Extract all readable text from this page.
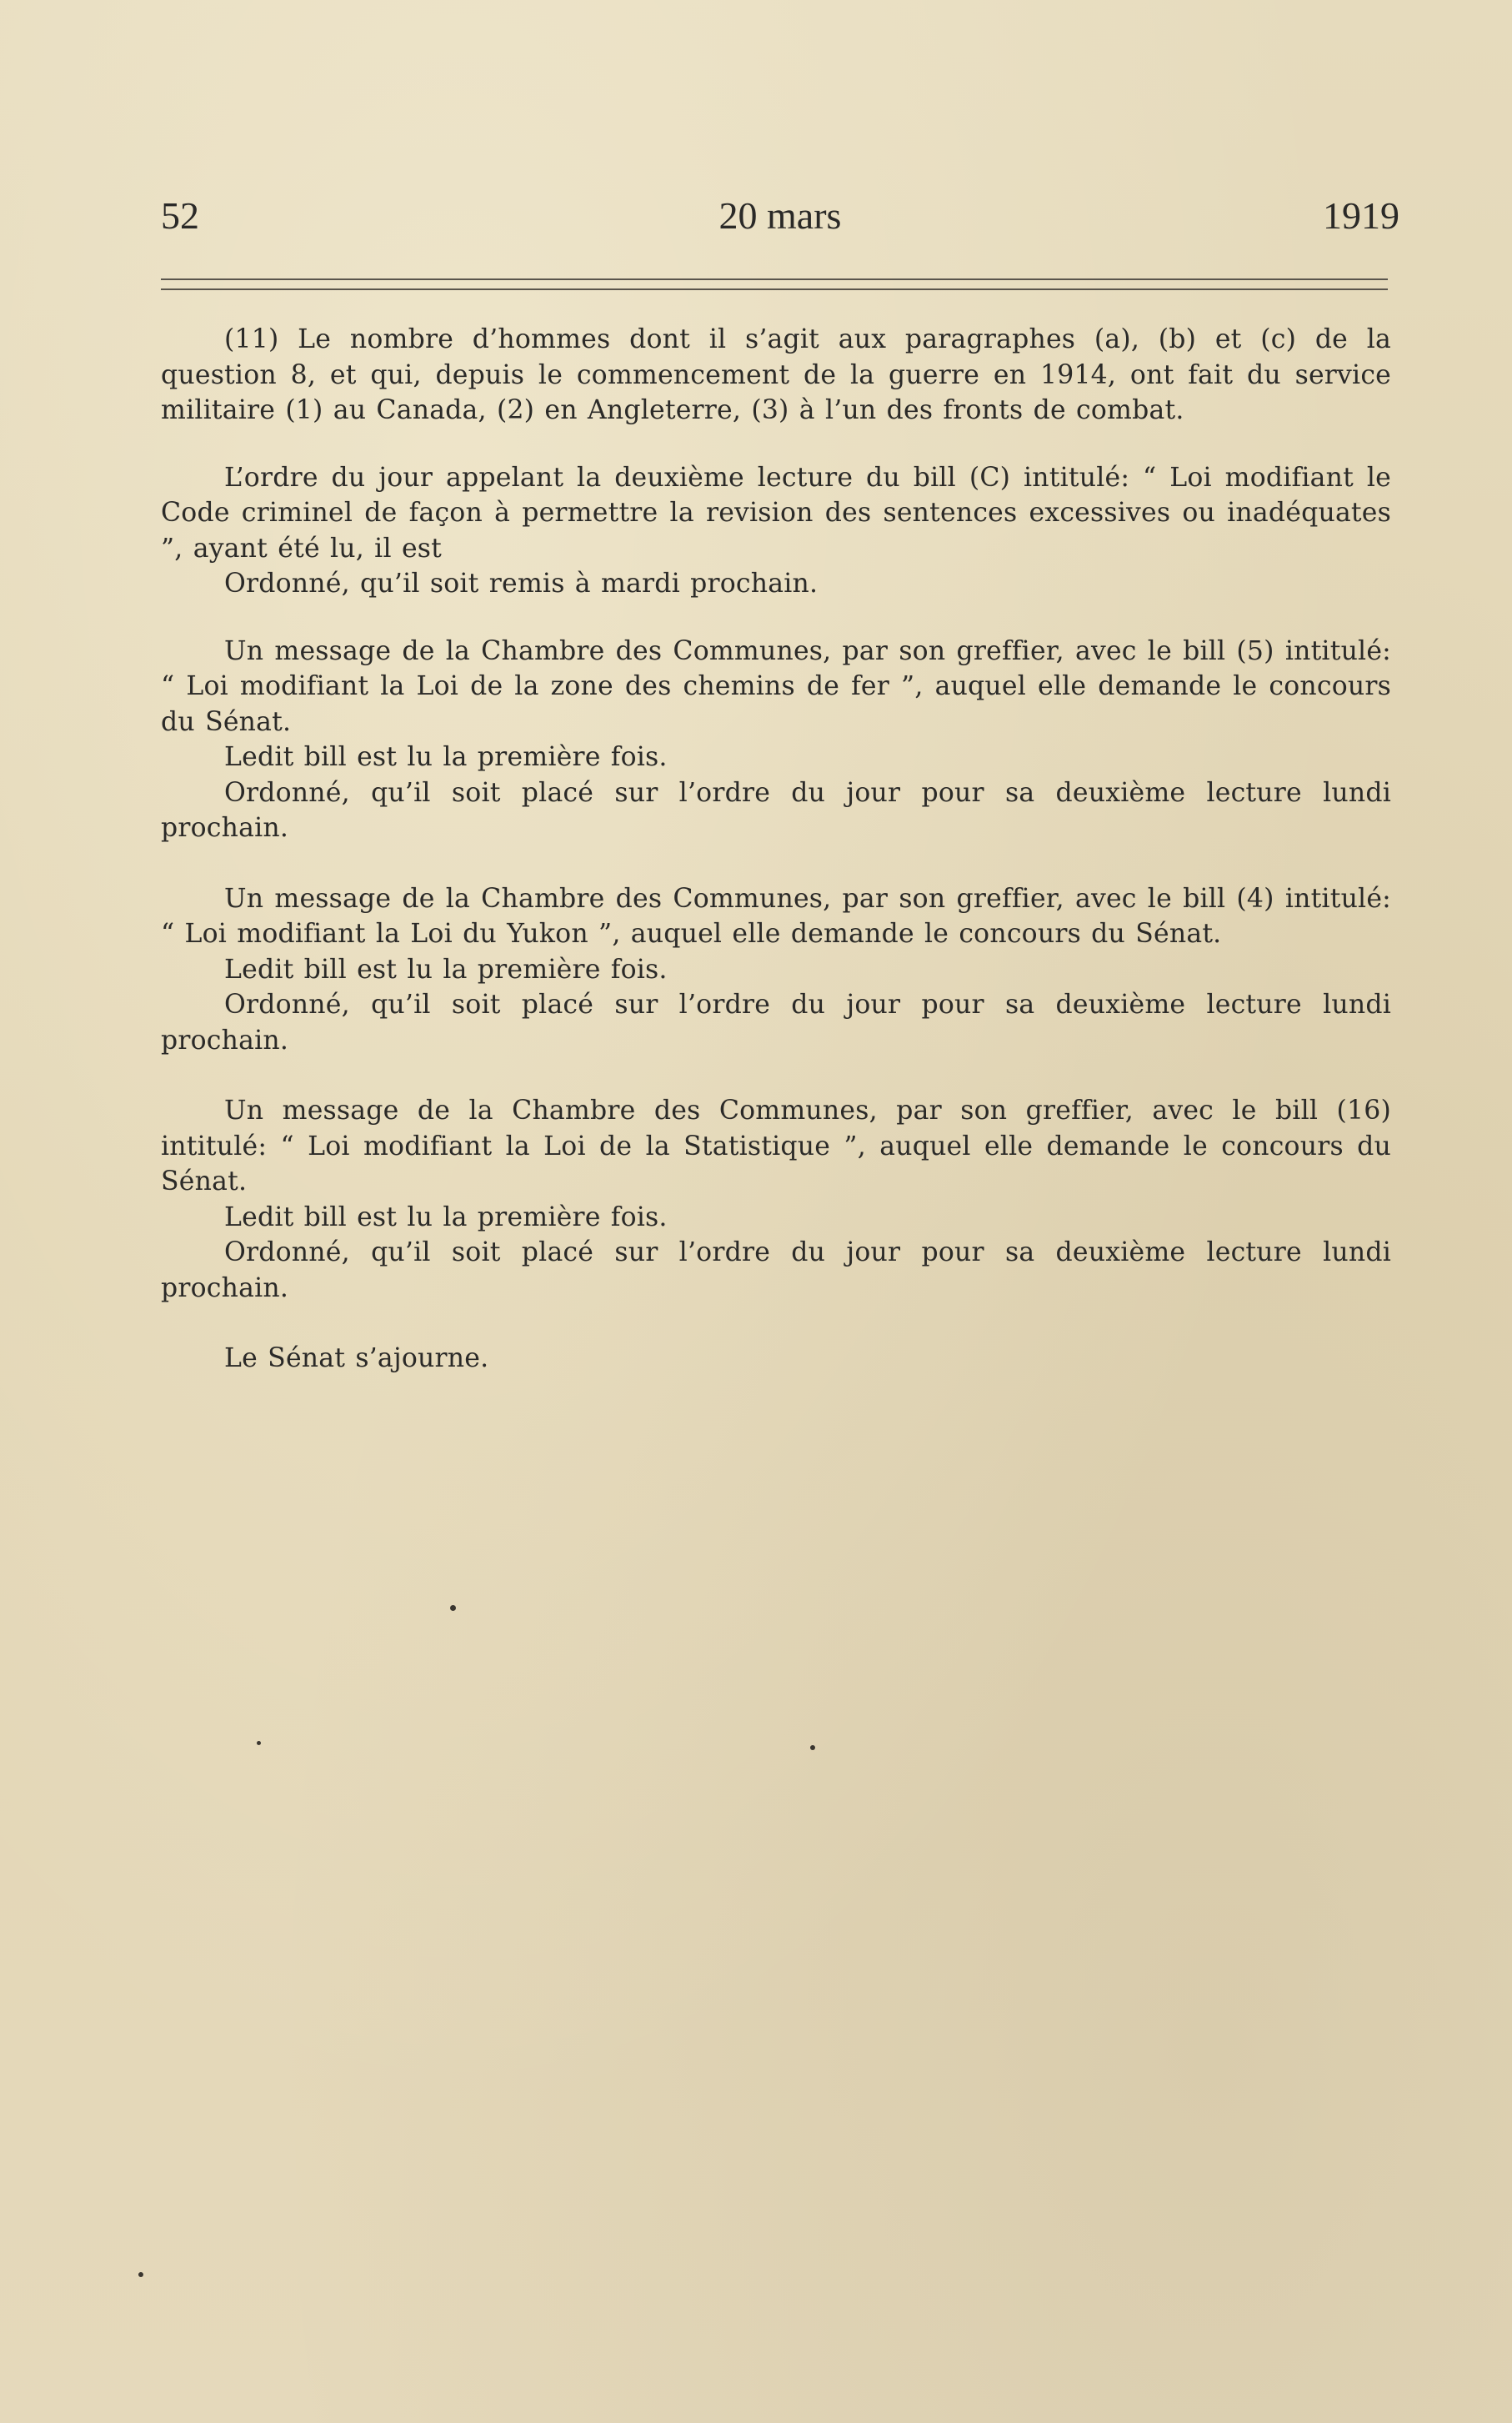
52	20 mars	1919

(11) Le nombre d’hommes dont il s’agit aux paragraphes (a), (b) et (c) de la question 8, et qui, depuis le commencement de la guerre en 1914, ont fait du service militaire (1) au Canada, (2) en Angleterre, (3) à l’un des fronts de combat.

L’ordre du jour appelant la deuxième lecture du bill (C) intitulé: “ Loi modifiant le Code criminel de façon à permettre la revision des sentences excessives ou inadéquates ”, ayant été lu, il est

Ordonné, qu’il soit remis à mardi prochain.

Un message de la Chambre des Communes, par son greffier, avec le bill (5) intitulé: “ Loi modifiant la Loi de la zone des chemins de fer ”, auquel elle demande le concours du Sénat.

Ledit bill est lu la première fois.

Ordonné, qu’il soit placé sur l’ordre du jour pour sa deuxième lecture lundi prochain.

Un message de la Chambre des Communes, par son greffier, avec le bill (4) intitulé: “ Loi modifiant la Loi du Yukon ”, auquel elle demande le concours du Sénat.

Ledit bill est lu la première fois.

Ordonné, qu’il soit placé sur l’ordre du jour pour sa deuxième lecture lundi prochain.

Un message de la Chambre des Communes, par son greffier, avec le bill (16) intitulé: “ Loi modifiant la Loi de la Statistique ”, auquel elle demande le concours du Sénat.

Ledit bill est lu la première fois.

Ordonné, qu’il soit placé sur l’ordre du jour pour sa deuxième lecture lundi prochain.

Le Sénat s’ajourne.
